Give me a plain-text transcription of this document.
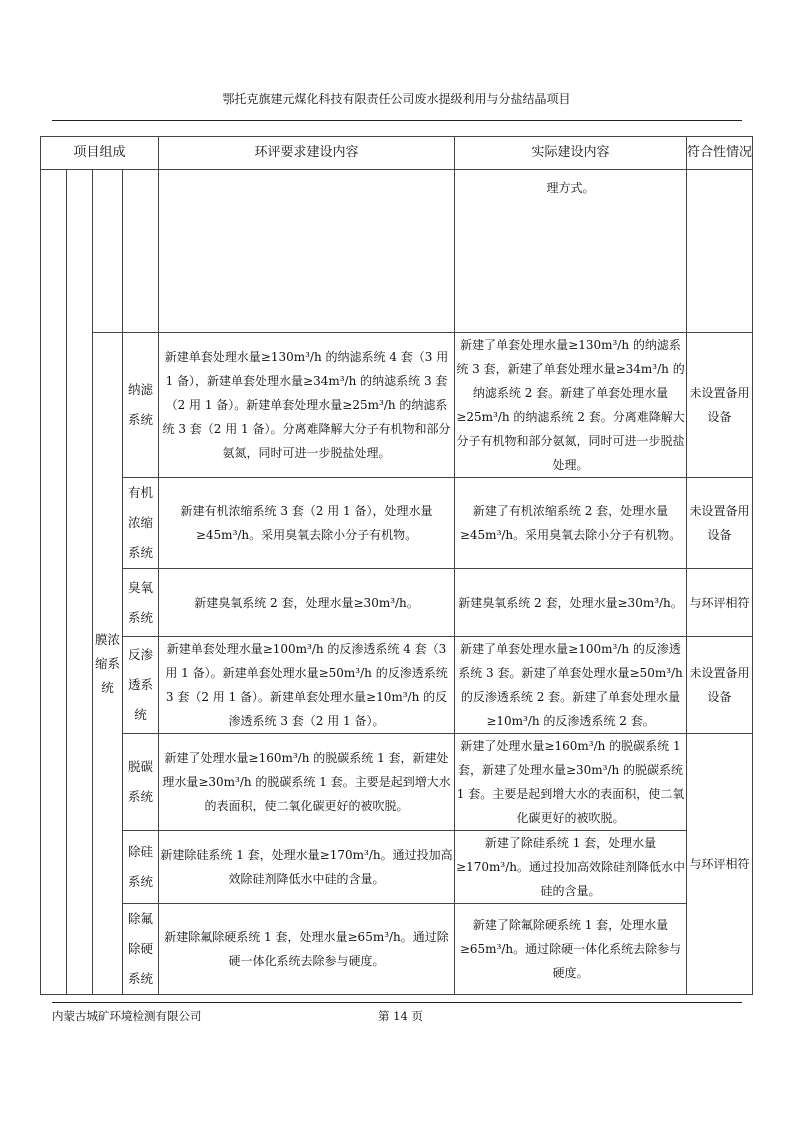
鄂托克旗建元煤化科技有限责任公司废水提级利用与分盐结晶项目
项目组成				环评要求建设内容	实际建设内容	符合性情况
					理方式。	
		膜浓缩系统	纳滤系统	新建单套处理水量≥130m³/h 的纳滤系统 4 套（3 用 1 备），新建单套处理水量≥34m³/h 的纳滤系统 3 套（2 用 1 备）。新建单套处理水量≥25m³/h 的纳滤系统 3 套（2 用 1 备）。分离难降解大分子有机物和部分氨氮，同时可进一步脱盐处理。	新建了单套处理水量≥130m³/h 的纳滤系统 3 套，新建了单套处理水量≥34m³/h 的纳滤系统 2 套。新建了单套处理水量≥25m³/h 的纳滤系统 2 套。分离难降解大分子有机物和部分氨氮，同时可进一步脱盐处理。	未设置备用设备
			有机浓缩系统	新建有机浓缩系统 3 套（2 用 1 备），处理水量≥45m³/h。采用臭氧去除小分子有机物。	新建了有机浓缩系统 2 套，处理水量≥45m³/h。采用臭氧去除小分子有机物。	未设置备用设备
			臭氧系统	新建臭氧系统 2 套，处理水量≥30m³/h。	新建臭氧系统 2 套，处理水量≥30m³/h。	与环评相符
			反渗透系统	新建单套处理水量≥100m³/h 的反渗透系统 4 套（3 用 1 备）。新建单套处理水量≥50m³/h 的反渗透系统 3 套（2 用 1 备）。新建单套处理水量≥10m³/h 的反渗透系统 3 套（2 用 1 备）。	新建了单套处理水量≥100m³/h 的反渗透系统 3 套。新建了单套处理水量≥50m³/h 的反渗透系统 2 套。新建了单套处理水量≥10m³/h 的反渗透系统 2 套。	未设置备用设备
			脱碳系统	新建了处理水量≥160m³/h 的脱碳系统 1 套，新建处理水量≥30m³/h 的脱碳系统 1 套。主要是起到增大水的表面积，使二氧化碳更好的被吹脱。	新建了处理水量≥160m³/h 的脱碳系统 1 套，新建了处理水量≥30m³/h 的脱碳系统 1 套。主要是起到增大水的表面积，使二氧化碳更好的被吹脱。	与环评相符
			除硅系统	新建除硅系统 1 套，处理水量≥170m³/h。通过投加高效除硅剂降低水中硅的含量。	新建了除硅系统 1 套，处理水量≥170m³/h。通过投加高效除硅剂降低水中硅的含量。	
			除氟除硬系统	新建除氟除硬系统 1 套，处理水量≥65m³/h。通过除硬一体化系统去除参与硬度。	新建了除氟除硬系统 1 套，处理水量≥65m³/h。通过除硬一体化系统去除参与硬度。	
内蒙古城矿环境检测有限公司	第 14 页
